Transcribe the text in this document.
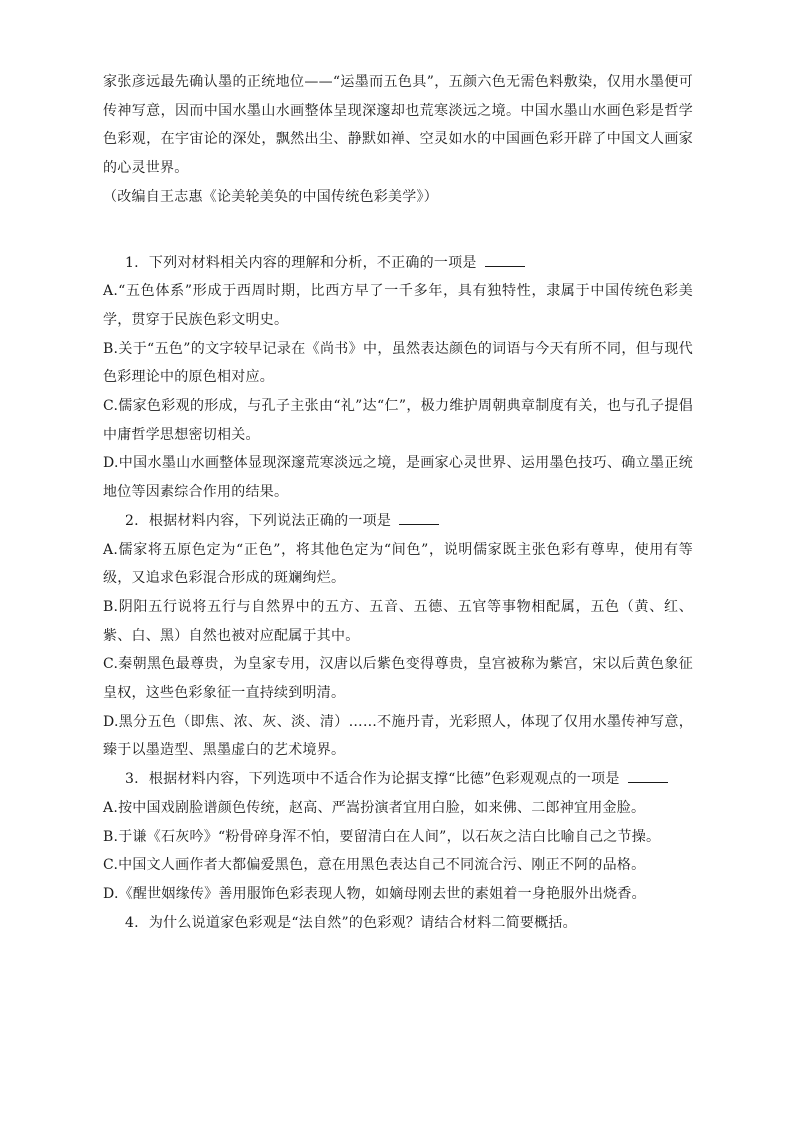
家张彦远最先确认墨的正统地位——“运墨而五色具”，五颜六色无需色料敷染，仅用水墨便可传神写意，因而中国水墨山水画整体呈现深邃却也荒寒淡远之境。中国水墨山水画色彩是哲学色彩观，在宇宙论的深处，飘然出尘、静默如禅、空灵如水的中国画色彩开辟了中国文人画家的心灵世界。

（改编自王志惠《论美轮美奂的中国传统色彩美学》）

1. 下列对材料相关内容的理解和分析，不正确的一项是

A.“五色体系”形成于西周时期，比西方早了一千多年，具有独特性，隶属于中国传统色彩美学，贯穿于民族色彩文明史。

B.关于“五色”的文字较早记录在《尚书》中，虽然表达颜色的词语与今天有所不同，但与现代色彩理论中的原色相对应。

C.儒家色彩观的形成，与孔子主张由“礼”达“仁”，极力维护周朝典章制度有关，也与孔子提倡中庸哲学思想密切相关。

D.中国水墨山水画整体显现深邃荒寒淡远之境，是画家心灵世界、运用墨色技巧、确立墨正统地位等因素综合作用的结果。

2. 根据材料内容，下列说法正确的一项是

A.儒家将五原色定为“正色”，将其他色定为“间色”，说明儒家既主张色彩有尊卑，使用有等级，又追求色彩混合形成的斑斓绚烂。

B.阴阳五行说将五行与自然界中的五方、五音、五德、五官等事物相配属，五色（黄、红、紫、白、黑）自然也被对应配属于其中。

C.秦朝黑色最尊贵，为皇家专用，汉唐以后紫色变得尊贵，皇宫被称为紫宫，宋以后黄色象征皇权，这些色彩象征一直持续到明清。

D.黑分五色（即焦、浓、灰、淡、清）……不施丹青，光彩照人，体现了仅用水墨传神写意，臻于以墨造型、黑墨虚白的艺术境界。

3. 根据材料内容，下列选项中不适合作为论据支撑“比德”色彩观观点的一项是

A.按中国戏剧脸谱颜色传统，赵高、严嵩扮演者宜用白脸，如来佛、二郎神宜用金脸。

B.于谦《石灰吟》“粉骨碎身浑不怕，要留清白在人间”，以石灰之洁白比喻自己之节操。

C.中国文人画作者大都偏爱黑色，意在用黑色表达自己不同流合污、刚正不阿的品格。

D.《醒世姻缘传》善用服饰色彩表现人物，如嫡母刚去世的素姐着一身艳服外出烧香。

4. 为什么说道家色彩观是“法自然”的色彩观？请结合材料二简要概括。
